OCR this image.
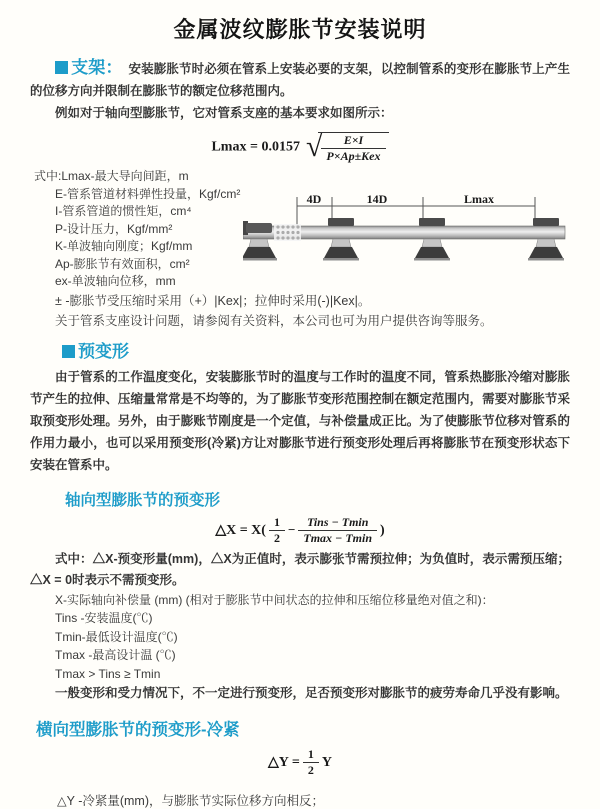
金属波纹膨胀节安装说明

支架： 安装膨胀节时必须在管系上安装必要的支架，以控制管系的变形在膨胀节上产生的位移方向并限制在膨胀节的额定位移范围内。

例如对于轴向型膨胀节，它对管系支座的基本要求如图所示：

Lmax = 0.0157 √ $\frac{E\times I}{\text{P×Ap±Kex}}$
式中:Lmax-最大导向间距，m
E-管系管道材料弹性投量，Kgf/cm²
I-管系管道的惯性矩，cm⁴
P-设计压力，Kgf/mm²
K-单波轴向刚度；Kgf/mm
Ap-膨胀节有效面积，cm²
ex-单波轴向位移，mm
± -膨胀节受压缩时采用（+）|Kex|；拉伸时采用(-)|Kex|。
关于管系支座设计问题，请参阅有关资料，本公司也可为用户提供咨询等服务。
4D	14D	Lmax
预变形

由于管系的工作温度变化，安装膨胀节时的温度与工作时的温度不同，管系热膨胀冷缩对膨胀节产生的拉伸、压缩量常常是不均等的，为了膨胀节变形范围控制在额定范围内，需要对膨胀节采取预变形处理。另外，由于膨账节刚度是一个定值，与补偿量成正比。为了使膨胀节位移对管系的作用力最小，也可以采用预变形(冷紧)方让对膨胀节进行预变形处理后再将膨胀节在预变形状态下安装在管系中。

轴向型膨胀节的预变形
△X = $X( \frac{1}{2} - \frac{\text{Tins − Tmin}}{Tmax - Tmin}$ )

式中：△X-预变形量(mm)，△X为正值时，表示膨张节需预拉伸；为负值时，表示需预压缩；△X = 0时表示不需预变形。

X-实际轴向补偿量 (mm) (相对于膨胀节中间状态的拉伸和压缩位移量绝对值之和)：
Tins -安装温度(℃)
Tmin-最低设计温度(℃)
Tmax -最高设计温 (℃)
Tmax > Tins ≥ Tmin

一般变形和受力情况下，不一定进行预变形，足否预变形对膨胀节的疲劳寿命几乎没有影响。

横向型膨胀节的预变形-冷紧
△Y = $\frac{1}{2}$ Y
△Y -冷紧量(mm)，与膨胀节实际位移方向相反；
